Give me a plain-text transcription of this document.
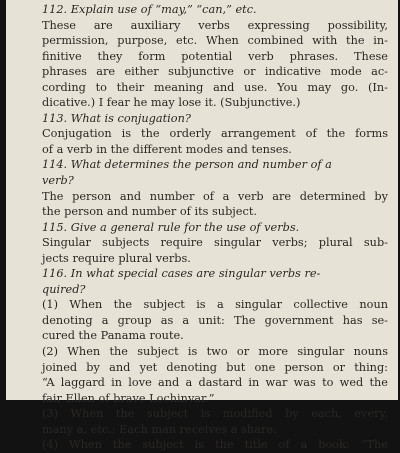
112. Explain use of “may,” “can,” etc.
These are auxiliary verbs expressing possibility,
permission, purpose, etc. When combined with the in-
finitive they form potential verb phrases. These
phrases are either subjunctive or indicative mode ac-
cording to their meaning and use. You may go. (In-
dicative.) I fear he may lose it. (Subjunctive.)
113. What is conjugation?
Conjugation is the orderly arrangement of the forms
of a verb in the different modes and tenses.
114. What determines the person and number of a
verb?
The person and number of a verb are determined by
the person and number of its subject.
115. Give a general rule for the use of verbs.
Singular subjects require singular verbs; plural sub-
jects require plural verbs.
116. In what special cases are singular verbs re-
quired?
(1) When the subject is a singular collective noun
denoting a group as a unit: The government has se-
cured the Panama route.
(2) When the subject is two or more singular nouns
joined by and yet denoting but one person or thing:
“A laggard in love and a dastard in war was to wed the
fair Ellen of brave Lochinvar.”
(3) When the subject is modified by each, every,
many a, etc.: Each man receives a share.
(4) When the subject is the title of a book: “The
